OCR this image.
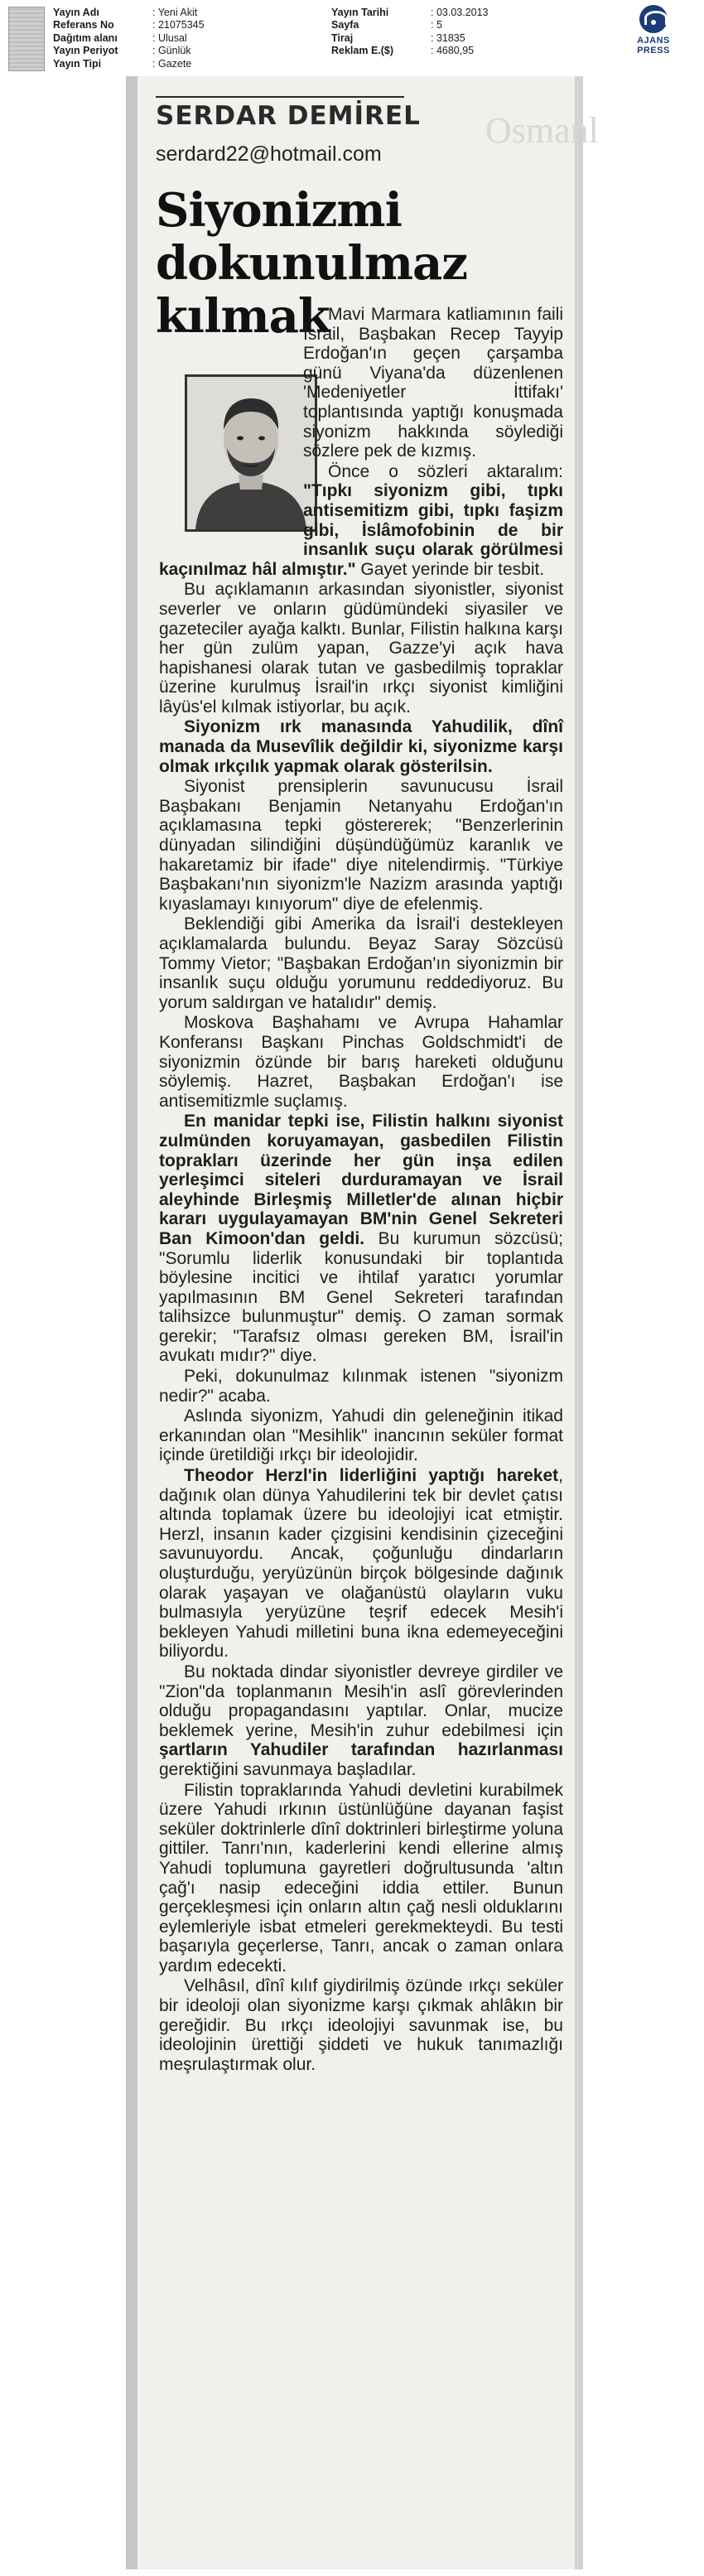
Yayın Adı	: Yeni Akit
Referans No	: 21075345
Dağıtım alanı	: Ulusal
Yayın Periyot	: Günlük
Yayın Tipi	: Gazete
Yayın Tarihi	: 03.03.2013
Sayfa	: 5
Tiraj	: 31835
Reklam E.($)	: 4680,95
AJANS PRESS
Osmanl
SERDAR DEMİREL
serdard22@hotmail.com
Siyonizmi dokunulmaz kılmak

Mavi Marmara katliamının faili İsrail, Başbakan Recep Tayyip Erdoğan'ın geçen çarşamba günü Viyana'da düzenlenen 'Medeniyetler İttifakı' toplantısında yaptığı konuşmada siyonizm hakkında söylediği sözlere pek de kızmış.

Önce o sözleri aktaralım: "Tıpkı siyonizm gibi, tıpkı antisemitizm gibi, tıpkı faşizm gibi, İslâmofobinin de bir insanlık suçu olarak görülmesi kaçınılmaz hâl almıştır." Gayet yerinde bir tesbit.

Bu açıklamanın arkasından siyonistler, siyonist severler ve onların güdümündeki siyasiler ve gazeteciler ayağa kalktı. Bunlar, Filistin halkına karşı her gün zulüm yapan, Gazze'yi açık hava hapishanesi olarak tutan ve gasbedilmiş topraklar üzerine kurulmuş İsrail'in ırkçı siyonist kimliğini lâyüs'el kılmak istiyorlar, bu açık.

Siyonizm ırk manasında Yahudilik, dînî manada da Musevîlik değildir ki, siyonizme karşı olmak ırkçılık yapmak olarak gösterilsin.

Siyonist prensiplerin savunucusu İsrail Başbakanı Benjamin Netanyahu Erdoğan'ın açıklamasına tepki göstererek; "Benzerlerinin dünyadan silindiğini düşündüğümüz karanlık ve hakaretamiz bir ifade" diye nitelendirmiş. "Türkiye Başbakanı'nın siyonizm'le Nazizm arasında yaptığı kıyaslamayı kınıyorum" diye de efelenmiş.

Beklendiği gibi Amerika da İsrail'i destekleyen açıklamalarda bulundu. Beyaz Saray Sözcüsü Tommy Vietor; "Başbakan Erdoğan'ın siyonizmin bir insanlık suçu olduğu yorumunu reddediyoruz. Bu yorum saldırgan ve hatalıdır" demiş.

Moskova Başhahamı ve Avrupa Hahamlar Konferansı Başkanı Pinchas Goldschmidt'i de siyonizmin özünde bir barış hareketi olduğunu söylemiş. Hazret, Başbakan Erdoğan'ı ise antisemitizmle suçlamış.

En manidar tepki ise, Filistin halkını siyonist zulmünden koruyamayan, gasbedilen Filistin toprakları üzerinde her gün inşa edilen yerleşimci siteleri durduramayan ve İsrail aleyhinde Birleşmiş Milletler'de alınan hiçbir kararı uygulayamayan BM'nin Genel Sekreteri Ban Kimoon'dan geldi. Bu kurumun sözcüsü; "Sorumlu liderlik konusundaki bir toplantıda böylesine incitici ve ihtilaf yaratıcı yorumlar yapılmasının BM Genel Sekreteri tarafından talihsizce bulunmuştur" demiş. O zaman sormak gerekir; "Tarafsız olması gereken BM, İsrail'in avukatı mıdır?" diye.

Peki, dokunulmaz kılınmak istenen "siyonizm nedir?" acaba.

Aslında siyonizm, Yahudi din geleneğinin itikad erkanından olan "Mesihlik" inancının seküler format içinde üretildiği ırkçı bir ideolojidir.

Theodor Herzl'in liderliğini yaptığı hareket, dağınık olan dünya Yahudilerini tek bir devlet çatısı altında toplamak üzere bu ideolojiyi icat etmiştir. Herzl, insanın kader çizgisini kendisinin çizeceğini savunuyordu. Ancak, çoğunluğu dindarların oluşturduğu, yeryüzünün birçok bölgesinde dağınık olarak yaşayan ve olağanüstü olayların vuku bulmasıyla yeryüzüne teşrif edecek Mesih'i bekleyen Yahudi milletini buna ikna edemeyeceğini biliyordu.

Bu noktada dindar siyonistler devreye girdiler ve "Zion"da toplanmanın Mesih'in aslî görevlerinden olduğu propagandasını yaptılar. Onlar, mucize beklemek yerine, Mesih'in zuhur edebilmesi için şartların Yahudiler tarafından hazırlanması gerektiğini savunmaya başladılar.

Filistin topraklarında Yahudi devletini kurabilmek üzere Yahudi ırkının üstünlüğüne dayanan faşist seküler doktrinlerle dînî doktrinleri birleştirme yoluna gittiler. Tanrı'nın, kaderlerini kendi ellerine almış Yahudi toplumuna gayretleri doğrultusunda 'altın çağ'ı nasip edeceğini iddia ettiler. Bunun gerçekleşmesi için onların altın çağ nesli olduklarını eylemleriyle isbat etmeleri gerekmekteydi. Bu testi başarıyla geçerlerse, Tanrı, ancak o zaman onlara yardım edecekti.

Velhâsıl, dînî kılıf giydirilmiş özünde ırkçı seküler bir ideoloji olan siyonizme karşı çıkmak ahlâkın bir gereğidir. Bu ırkçı ideolojiyi savunmak ise, bu ideolojinin ürettiği şiddeti ve hukuk tanımazlığı meşrulaştırmak olur.
